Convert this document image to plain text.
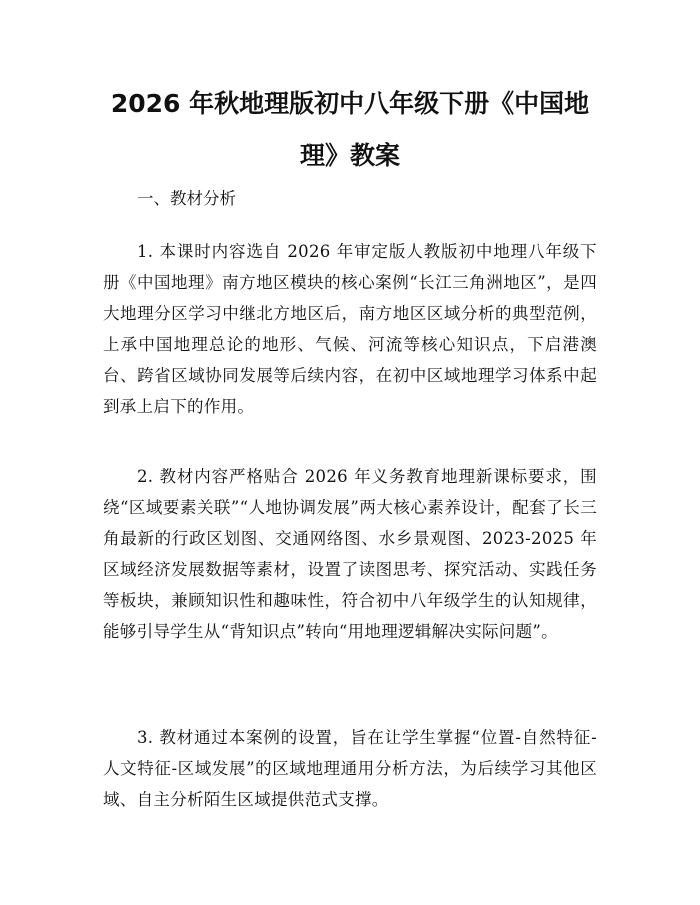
2026 年秋地理版初中八年级下册《中国地理》教案
一、教材分析

1. 本课时内容选自 2026 年审定版人教版初中地理八年级下册《中国地理》南方地区模块的核心案例“长江三角洲地区”，是四大地理分区学习中继北方地区后，南方地区区域分析的典型范例，上承中国地理总论的地形、气候、河流等核心知识点，下启港澳台、跨省区域协同发展等后续内容，在初中区域地理学习体系中起到承上启下的作用。

2. 教材内容严格贴合 2026 年义务教育地理新课标要求，围绕“区域要素关联”“人地协调发展”两大核心素养设计，配套了长三角最新的行政区划图、交通网络图、水乡景观图、2023-2025 年区域经济发展数据等素材，设置了读图思考、探究活动、实践任务等板块，兼顾知识性和趣味性，符合初中八年级学生的认知规律，能够引导学生从“背知识点”转向“用地理逻辑解决实际问题”。

3. 教材通过本案例的设置，旨在让学生掌握“位置-自然特征-人文特征-区域发展”的区域地理通用分析方法，为后续学习其他区域、自主分析陌生区域提供范式支撑。
